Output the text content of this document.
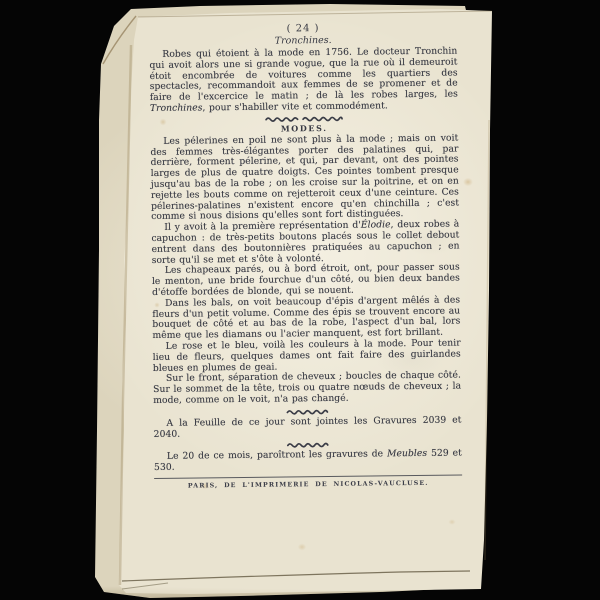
( 24 )
Tronchines.

Robes qui étoient à la mode en 1756. Le docteur Tronchin qui avoit alors une si grande vogue, que la rue où il demeuroit étoit encombrée de voitures comme les quartiers des spectacles, recommandoit aux femmes de se promener et de faire de l'excercice le matin ; de là les robes larges, les Tronchines, pour s'habiller vite et commodément.

MODES.

Les pélerines en poil ne sont plus à la mode ; mais on voit des femmes très-élégantes porter des palatines qui, par derrière, forment pélerine, et qui, par devant, ont des pointes larges de plus de quatre doigts. Ces pointes tombent presque jusqu'au bas de la robe ; on les croise sur la poitrine, et on en rejette les bouts comme on rejetteroit ceux d'une ceinture. Ces pélerines-palatines n'existent encore qu'en chinchilla ; c'est comme si nous disions qu'elles sont fort distinguées.

Il y avoit à la première représentation d'Élodie, deux robes à capuchon : de très-petits boutons placés sous le collet debout entrent dans des boutonnières pratiquées au capuchon ; en sorte qu'il se met et s'ôte à volonté.

Les chapeaux parés, ou à bord étroit, ont, pour passer sous le menton, une bride fourchue d'un côté, ou bien deux bandes d'étoffe bordées de blonde, qui se nouent.

Dans les bals, on voit beaucoup d'épis d'argent mêlés à des fleurs d'un petit volume. Comme des épis se trouvent encore au bouquet de côté et au bas de la robe, l'aspect d'un bal, lors même que les diamans ou l'acier manquent, est fort brillant.

Le rose et le bleu, voilà les couleurs à la mode. Pour tenir lieu de fleurs, quelques dames ont fait faire des guirlandes bleues en plumes de geai.

Sur le front, séparation de cheveux ; boucles de chaque côté. Sur le sommet de la tête, trois ou quatre nœuds de cheveux ; la mode, comme on le voit, n'a pas changé.

A la Feuille de ce jour sont jointes les Gravures 2039 et 2040.

Le 20 de ce mois, paroîtront les gravures de Meubles 529 et 530.

PARIS, DE L'IMPRIMERIE DE NICOLAS-VAUCLUSE.
